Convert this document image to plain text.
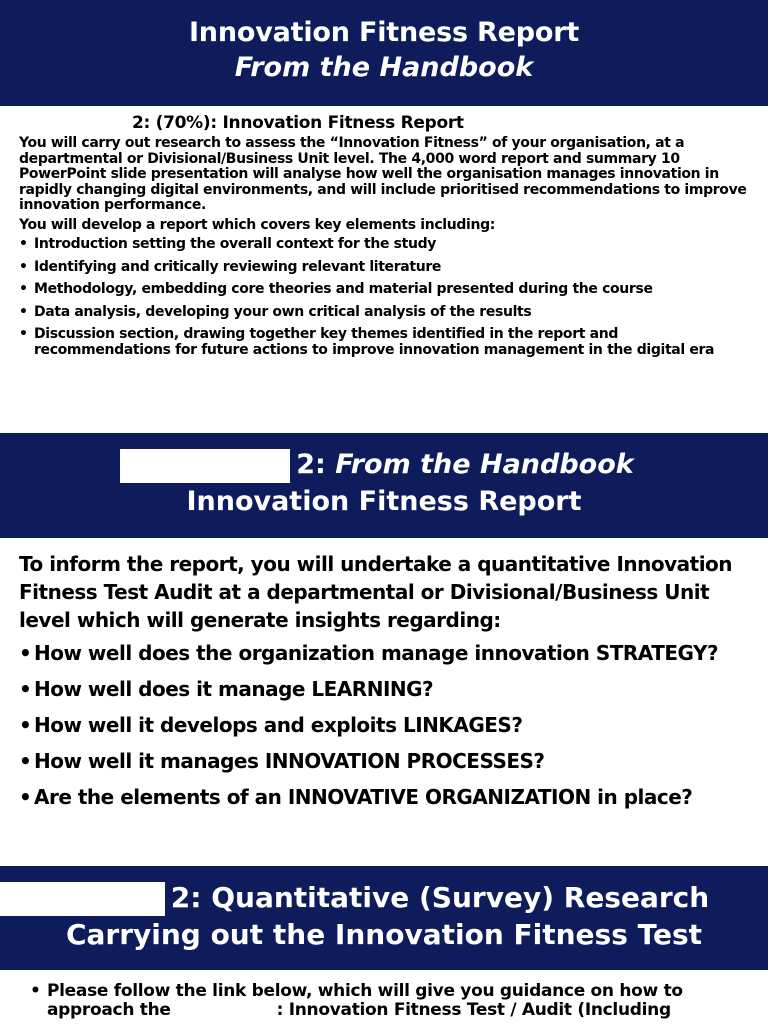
Innovation Fitness Report
From the Handbook
2: (70%): Innovation Fitness Report

You will carry out research to assess the “Innovation Fitness” of your organisation, at a departmental or Divisional/Business Unit level. The 4,000 word report and summary 10 PowerPoint slide presentation will analyse how well the organisation manages innovation in rapidly changing digital environments, and will include prioritised recommendations to improve innovation performance.

You will develop a report which covers key elements including:

• Introduction setting the overall context for the study
• Identifying and critically reviewing relevant literature
• Methodology, embedding core theories and material presented during the course
• Data analysis, developing your own critical analysis of the results
• Discussion section, drawing together key themes identified in the report and recommendations for future actions to improve innovation management in the digital era
2: From the Handbook
Innovation Fitness Report

To inform the report, you will undertake a quantitative Innovation Fitness Test Audit at a departmental or Divisional/Business Unit level which will generate insights regarding:

• How well does the organization manage innovation STRATEGY?
• How well does it manage LEARNING?
• How well it develops and exploits LINKAGES?
• How well it manages INNOVATION PROCESSES?
• Are the elements of an INNOVATIVE ORGANIZATION in place?
2: Quantitative (Survey) Research
Carrying out the Innovation Fitness Test
• Please follow the link below, which will give you guidance on how to
approach the	: Innovation Fitness Test / Audit (Including
